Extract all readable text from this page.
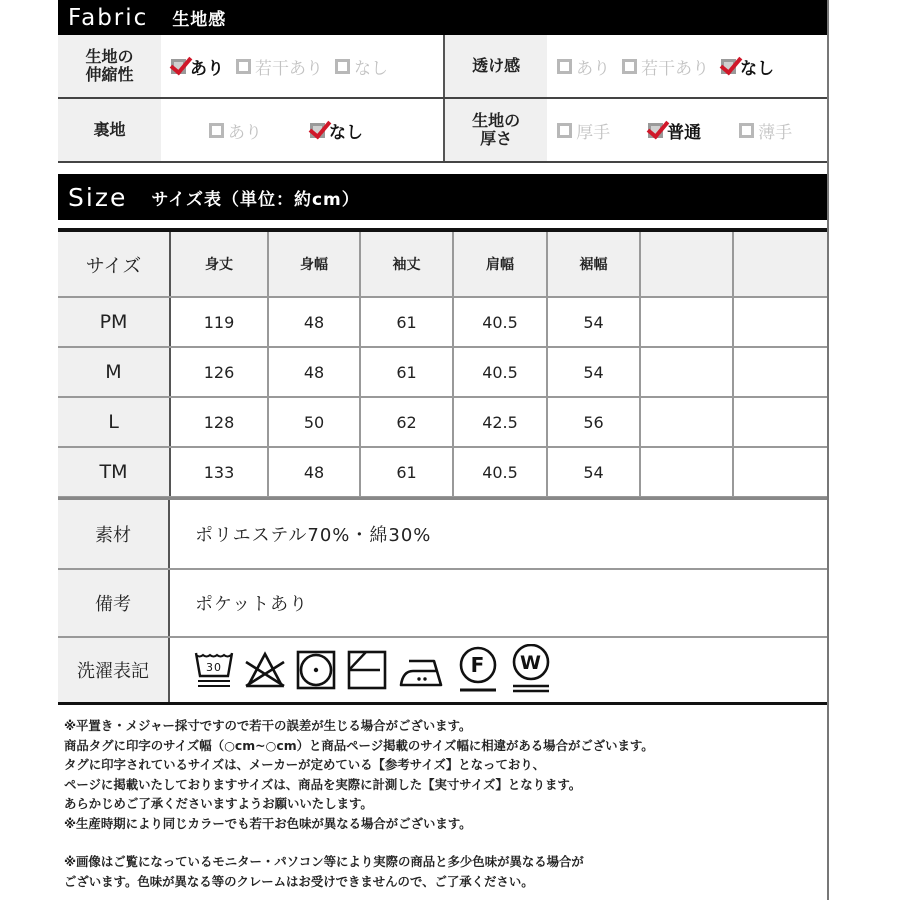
Fabric 生地感
生地の
伸縮性	あり 若干あり なし	透け感	あり 若干あり なし
裏地	あり	なし
生地の
厚さ	厚手	普通	薄手
Size サイズ表（単位：約cm）
サイズ	身丈	身幅	袖丈	肩幅	裾幅		
PM	119	48	61	40.5	54		
M	126	48	61	40.5	54		
L	128	50	62	42.5	56		
TM	133	48	61	40.5	54		
素材	ポリエステル70%・綿30%
備考	ポケットあり
洗濯表記	30	F W

※平置き・メジャー採寸ですので若干の誤差が生じる場合がございます。

商品タグに印字のサイズ幅（○cm~○cm）と商品ページ掲載のサイズ幅に相違がある場合がございます。

タグに印字されているサイズは、メーカーが定めている【参考サイズ】となっており、

ページに掲載いたしておりますサイズは、商品を実際に計測した【実寸サイズ】となります。

あらかじめご了承くださいますようお願いいたします。

※生産時期により同じカラーでも若干お色味が異なる場合がございます。

※画像はご覧になっているモニター・パソコン等により実際の商品と多少色味が異なる場合が

ございます。色味が異なる等のクレームはお受けできませんので、ご了承ください。
